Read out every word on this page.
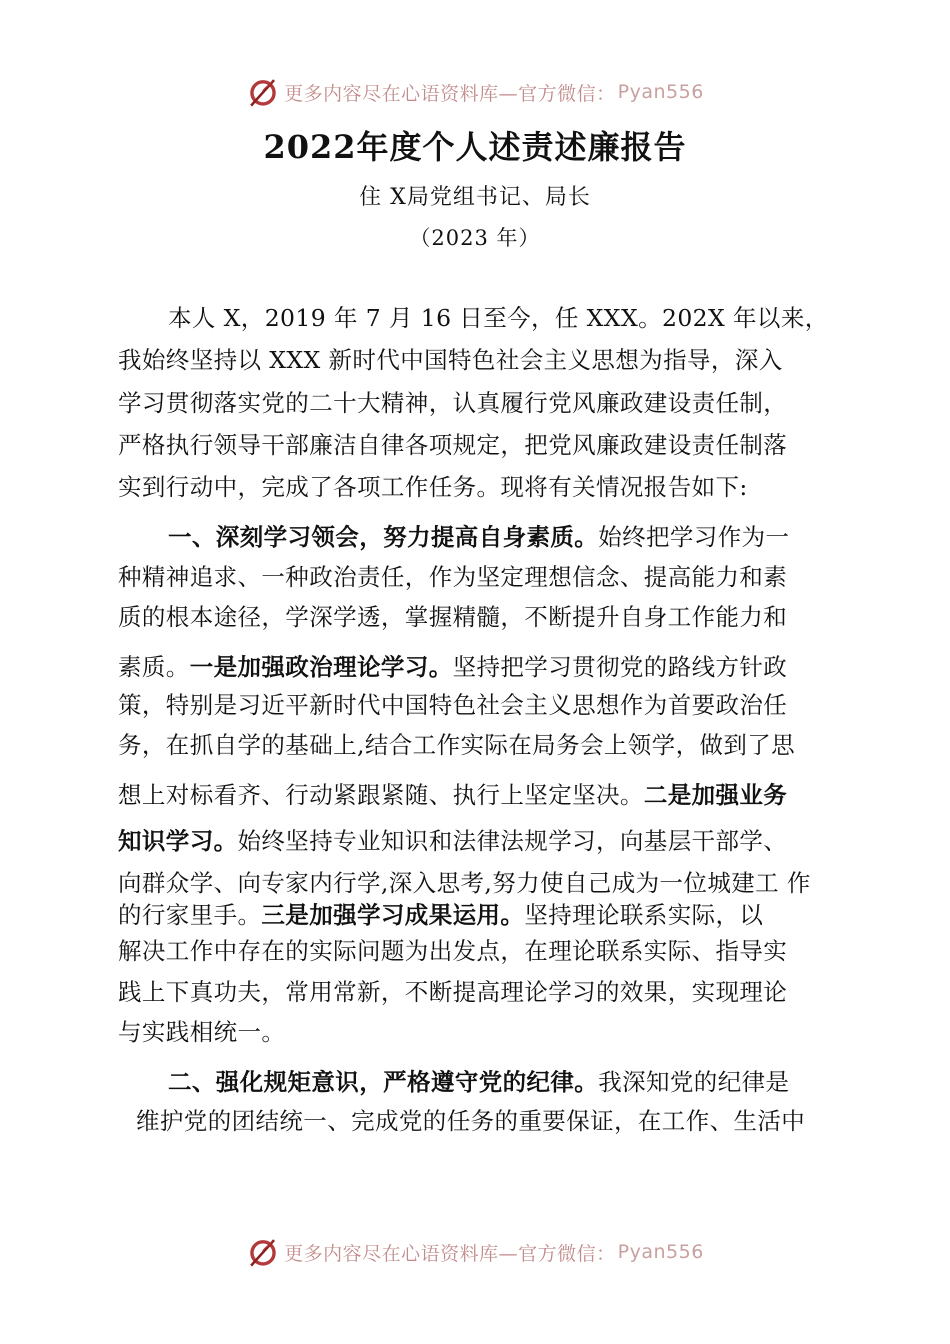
更多内容尽在心语资料库—官方微信： Pyan556
2022年度个人述责述廉报告
住 X局党组书记、局长
（2023 年）
本人 X，2019 年 7 月 16 日至今，任 XXX。202X 年以来，
我始终坚持以 XXX 新时代中国特色社会主义思想为指导，深入
学习贯彻落实党的二十大精神，认真履行党风廉政建设责任制，
严格执行领导干部廉洁自律各项规定，把党风廉政建设责任制落
实到行动中，完成了各项工作任务。现将有关情况报告如下:
一、深刻学习领会，努力提高自身素质。始终把学习作为一
种精神追求、一种政治责任，作为坚定理想信念、提高能力和素
质的根本途径，学深学透，掌握精髓，不断提升自身工作能力和
素质。一是加强政治理论学习。坚持把学习贯彻党的路线方针政
策，特别是习近平新时代中国特色社会主义思想作为首要政治任
务，在抓自学的基础上,结合工作实际在局务会上领学，做到了思
想上对标看齐、行动紧跟紧随、执行上坚定坚决。二是加强业务
知识学习。始终坚持专业知识和法律法规学习，向基层干部学、
向群众学、向专家内行学,深入思考,努力使自己成为一位城建工 作
的行家里手。三是加强学习成果运用。坚持理论联系实际，以
解决工作中存在的实际问题为出发点，在理论联系实际、指导实
践上下真功夫，常用常新，不断提高理论学习的效果，实现理论
与实践相统一。
二、强化规矩意识，严格遵守党的纪律。我深知党的纪律是
维护党的团结统一、完成党的任务的重要保证，在工作、生活中
更多内容尽在心语资料库—官方微信： Pyan556
